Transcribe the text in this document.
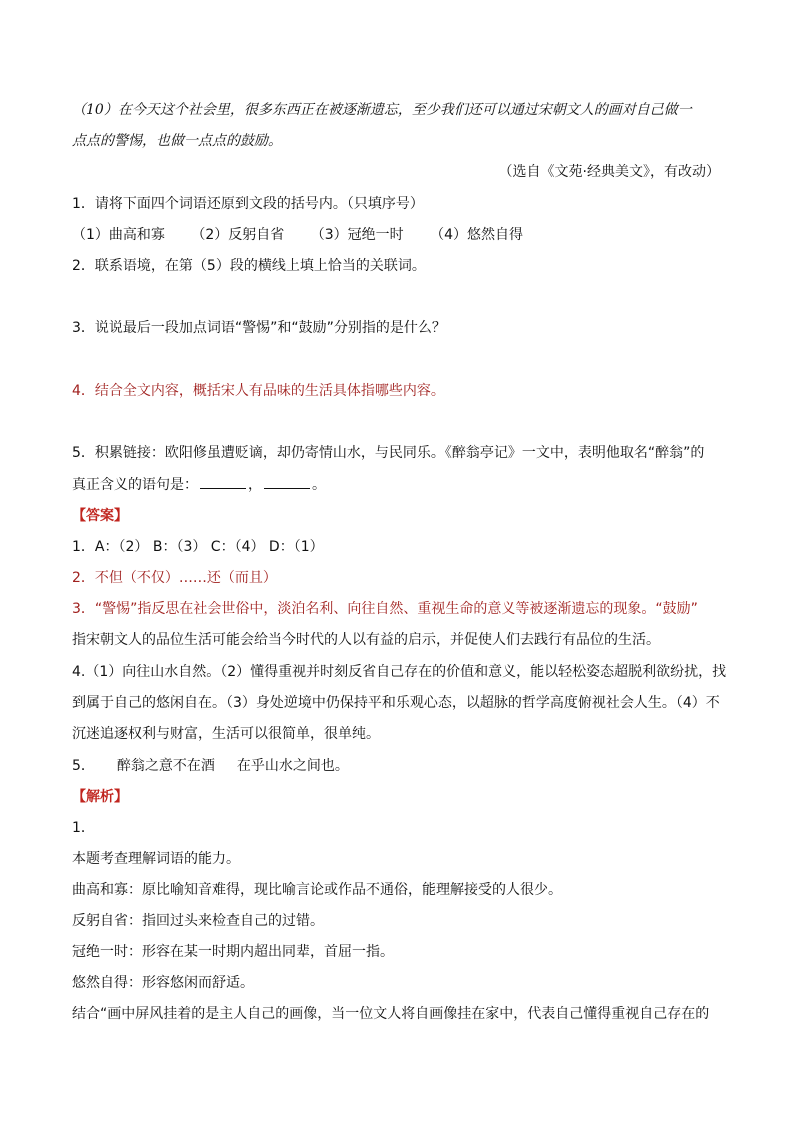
（10）在今天这个社会里，很多东西正在被逐渐遗忘，至少我们还可以通过宋朝文人的画对自己做一
点点的警惕，也做一点点的鼓励。
（选自《文苑·经典美文》，有改动）
1．请将下面四个词语还原到文段的括号内。（只填序号）
（1）曲高和寡 （2）反躬自省 （3）冠绝一时 （4）悠然自得
2．联系语境，在第（5）段的横线上填上恰当的关联词。
3．说说最后一段加点词语“警惕”和“鼓励”分别指的是什么？
4．结合全文内容，概括宋人有品味的生活具体指哪些内容。
5．积累链接：欧阳修虽遭贬谪，却仍寄情山水，与民同乐。《醉翁亭记》一文中，表明他取名“醉翁”的
真正含义的语句是：	，	。
【答案】
1．A：（2） B：（3） C：（4） D：（1）
2．不但（不仅）……还（而且）
3．“警惕”指反思在社会世俗中，淡泊名利、向往自然、重视生命的意义等被逐渐遗忘的现象。“鼓励”
指宋朝文人的品位生活可能会给当今时代的人以有益的启示，并促使人们去践行有品位的生活。
4.（1）向往山水自然。（2）懂得重视并时刻反省自己存在的价值和意义，能以轻松姿态超脱利欲纷扰，找
到属于自己的悠闲自在。（3）身处逆境中仍保持平和乐观心态，以超脉的哲学高度俯视社会人生。（4）不
沉迷追逐权利与财富，生活可以很简单，很单纯。
5． 醉翁之意不在酒 在乎山水之间也。
【解析】
1．
本题考查理解词语的能力。
曲高和寡：原比喻知音难得，现比喻言论或作品不通俗，能理解接受的人很少。
反躬自省：指回过头来检查自己的过错。
冠绝一时：形容在某一时期内超出同辈，首屈一指。
悠然自得：形容悠闲而舒适。
结合“画中屏风挂着的是主人自己的画像，当一位文人将自画像挂在家中，代表自己懂得重视自己存在的
